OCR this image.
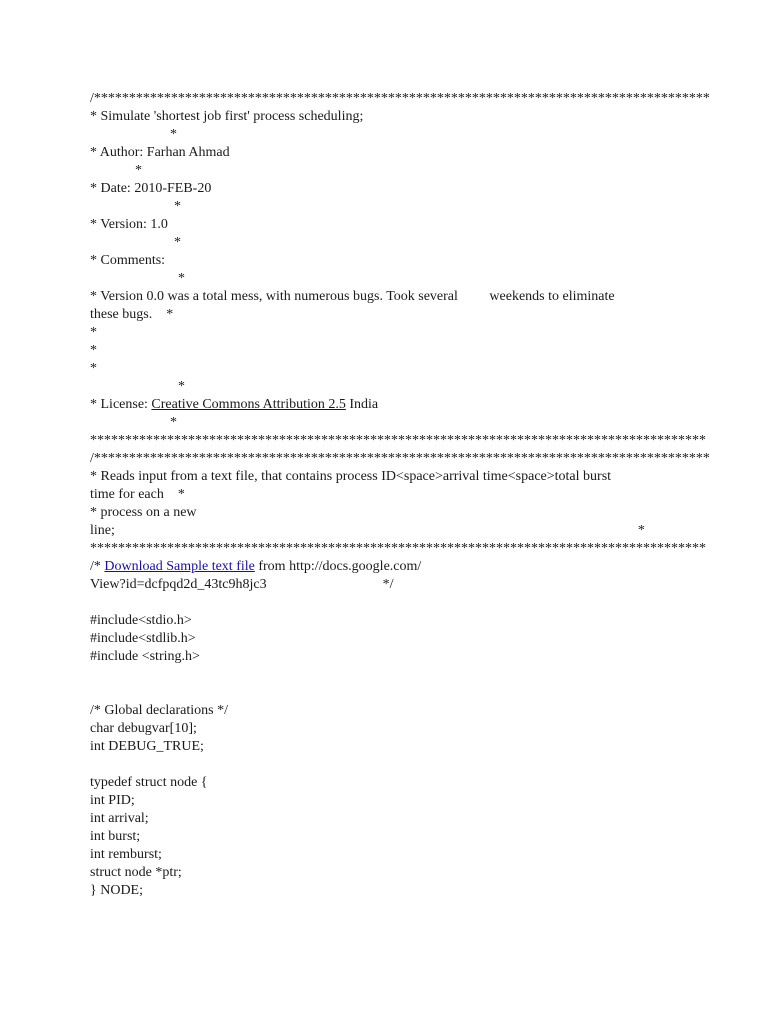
/****************************************************************************************
* Simulate 'shortest job first' process scheduling;
*
* Author: Farhan Ahmad
*
* Date: 2010-FEB-20
*
* Version: 1.0
*
* Comments:
*
* Version 0.0 was a total mess, with numerous bugs. Took several         weekends to eliminate
these bugs. *
*
*
*
*
* License: Creative Commons Attribution 2.5 India
*
****************************************************************************************
/****************************************************************************************
* Reads input from a text file, that contains process ID<space>arrival time<space>total burst
time for each *
* process on a new
line;	*
****************************************************************************************
/* Download Sample text file from http://docs.google.com/
View?id=dcfpqd2d_43tc9h8jc3	*/
#include<stdio.h>
#include<stdlib.h>
#include <string.h>
/* Global declarations */
char debugvar[10];
int DEBUG_TRUE;
typedef struct node {
int PID;
int arrival;
int burst;
int remburst;
struct node *ptr;
} NODE;
